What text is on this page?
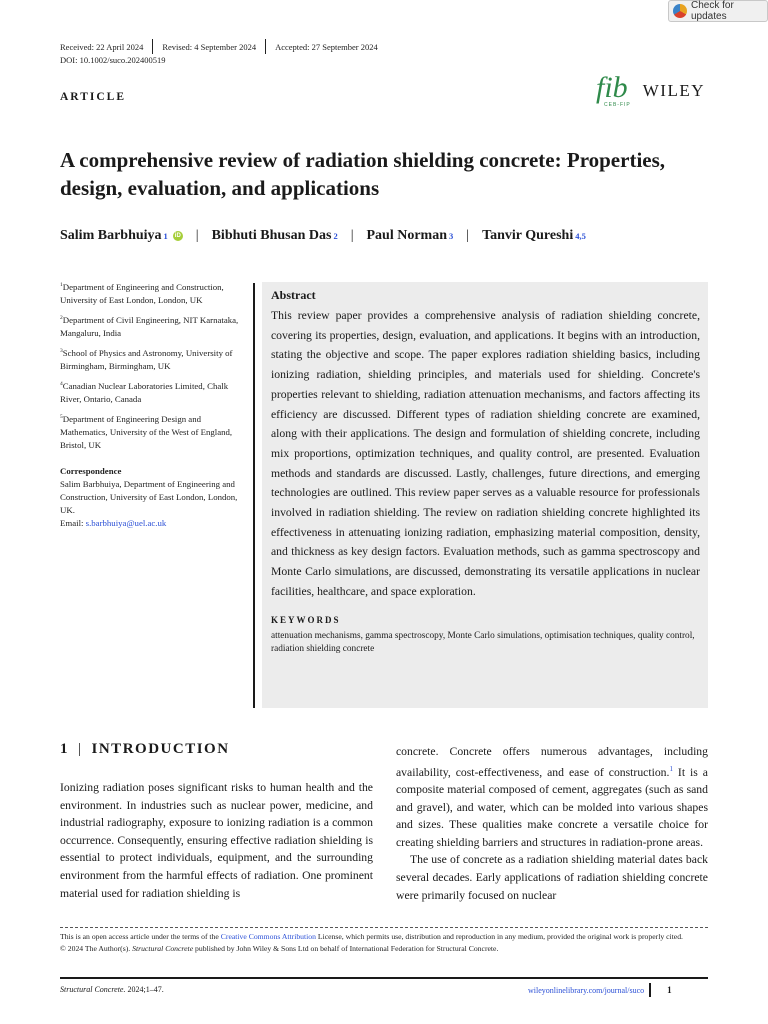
Check for updates
Received: 22 April 2024 Revised: 4 September 2024 Accepted: 27 September 2024
DOI: 10.1002/suco.202400519
ARTICLE	fib
CEB-FIP
WILEY
A comprehensive review of radiation shielding concrete: Properties, design, evaluation, and applications
Salim Barbhuiya 1	iD | Bibhuti Bhusan Das 2 | Paul Norman 3 | Tanvir Qureshi 4,5
$^1$Department of Engineering and Construction, University of East London, London, UK
$^2$Department of Civil Engineering, NIT Karnataka, Mangaluru, India
$^3$School of Physics and Astronomy, University of Birmingham, Birmingham, UK
$^4$Canadian Nuclear Laboratories Limited, Chalk River, Ontario, Canada
$^5$Department of Engineering Design and Mathematics, University of the West of England, Bristol, UK
Correspondence
Salim Barbhuiya, Department of Engineering and Construction, University of East London, London, UK.
Email: s.barbhuiya@uel.ac.uk
Abstract

This review paper provides a comprehensive analysis of radiation shielding concrete, covering its properties, design, evaluation, and applications. It begins with an introduction, stating the objective and scope. The paper explores radiation shielding basics, including ionizing radiation, shielding principles, and materials used for shielding. Concrete's properties relevant to shielding, radiation attenuation mechanisms, and factors affecting its efficiency are discussed. Different types of radiation shielding concrete are examined, along with their applications. The design and formulation of shielding concrete, including mix proportions, optimization techniques, and quality control, are presented. Evaluation methods and standards are discussed. Lastly, challenges, future directions, and emerging technologies are outlined. This review paper serves as a valuable resource for professionals involved in radiation shielding. The review on radiation shielding concrete highlighted its effectiveness in attenuating ionizing radiation, emphasizing material composition, density, and thickness as key design factors. Evaluation methods, such as gamma spectroscopy and Monte Carlo simulations, are discussed, demonstrating its versatile applications in nuclear facilities, healthcare, and space exploration.

KEYWORDS
attenuation mechanisms, gamma spectroscopy, Monte Carlo simulations, optimisation techniques, quality control, radiation shielding concrete
1 | INTRODUCTION

Ionizing radiation poses significant risks to human health and the environment. In industries such as nuclear power, medicine, and industrial radiography, exposure to ionizing radiation is a common occurrence. Consequently, ensuring effective radiation shielding is essential to protect individuals, equipment, and the surrounding environment from the harmful effects of radiation. One prominent material used for radiation shielding is

concrete. Concrete offers numerous advantages, including availability, cost-effectiveness, and ease of construction.$^1$ It is a composite material composed of cement, aggregates (such as sand and gravel), and water, which can be molded into various shapes and sizes. These qualities make concrete a versatile choice for creating shielding barriers and structures in radiation-prone areas.

The use of concrete as a radiation shielding material dates back several decades. Early applications of radiation shielding concrete were primarily focused on nuclear

This is an open access article under the terms of the Creative Commons Attribution License, which permits use, distribution and reproduction in any medium, provided the original work is properly cited.
© 2024 The Author(s). Structural Concrete published by John Wiley & Sons Ltd on behalf of International Federation for Structural Concrete.
Structural Concrete. 2024;1–47.	wileyonlinelibrary.com/journal/suco	1
